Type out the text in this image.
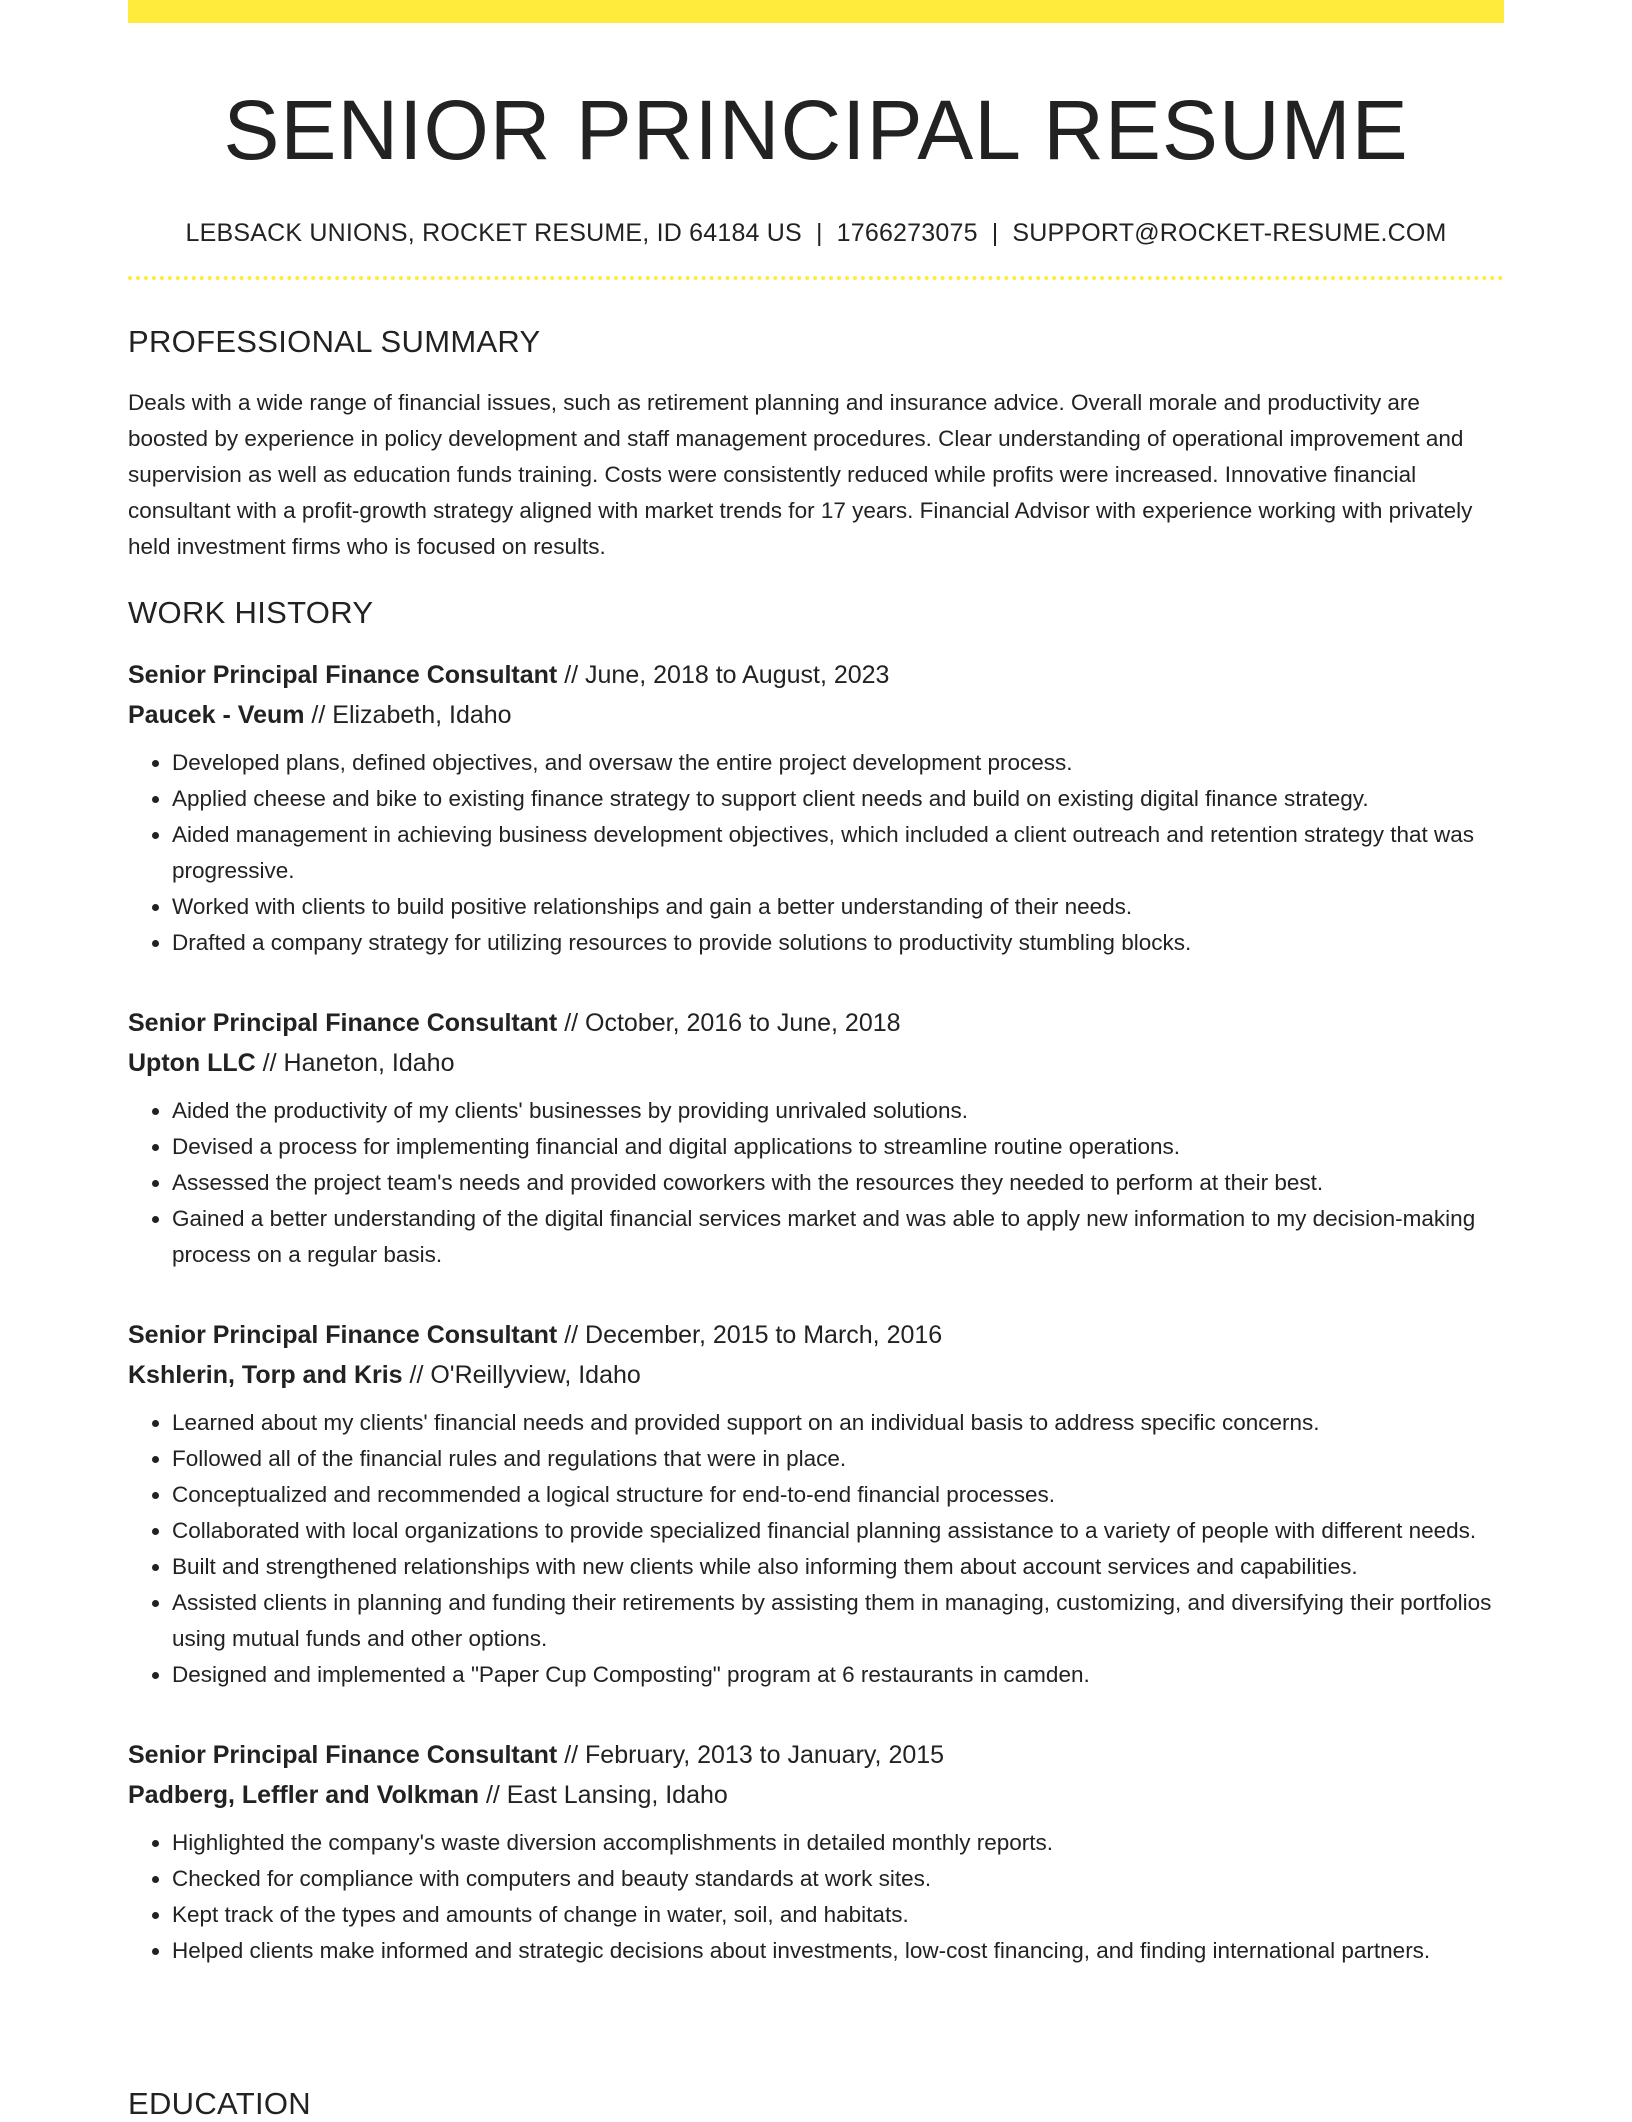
SENIOR PRINCIPAL RESUME
LEBSACK UNIONS, ROCKET RESUME, ID 64184 US | 1766273075 | SUPPORT@ROCKET-RESUME.COM
PROFESSIONAL SUMMARY

Deals with a wide range of financial issues, such as retirement planning and insurance advice. Overall morale and productivity are boosted by experience in policy development and staff management procedures. Clear understanding of operational improvement and supervision as well as education funds training. Costs were consistently reduced while profits were increased. Innovative financial consultant with a profit-growth strategy aligned with market trends for 17 years. Financial Advisor with experience working with privately held investment firms who is focused on results.

WORK HISTORY
Senior Principal Finance Consultant // June, 2018 to August, 2023
Paucek - Veum // Elizabeth, Idaho
• Developed plans, defined objectives, and oversaw the entire project development process.
• Applied cheese and bike to existing finance strategy to support client needs and build on existing digital finance strategy.
• Aided management in achieving business development objectives, which included a client outreach and retention strategy that was progressive.
• Worked with clients to build positive relationships and gain a better understanding of their needs.
• Drafted a company strategy for utilizing resources to provide solutions to productivity stumbling blocks.
Senior Principal Finance Consultant // October, 2016 to June, 2018
Upton LLC // Haneton, Idaho
• Aided the productivity of my clients' businesses by providing unrivaled solutions.
• Devised a process for implementing financial and digital applications to streamline routine operations.
• Assessed the project team's needs and provided coworkers with the resources they needed to perform at their best.
• Gained a better understanding of the digital financial services market and was able to apply new information to my decision-making process on a regular basis.
Senior Principal Finance Consultant // December, 2015 to March, 2016
Kshlerin, Torp and Kris // O'Reillyview, Idaho
• Learned about my clients' financial needs and provided support on an individual basis to address specific concerns.
• Followed all of the financial rules and regulations that were in place.
• Conceptualized and recommended a logical structure for end-to-end financial processes.
• Collaborated with local organizations to provide specialized financial planning assistance to a variety of people with different needs.
• Built and strengthened relationships with new clients while also informing them about account services and capabilities.
• Assisted clients in planning and funding their retirements by assisting them in managing, customizing, and diversifying their portfolios using mutual funds and other options.
• Designed and implemented a "Paper Cup Composting" program at 6 restaurants in camden.
Senior Principal Finance Consultant // February, 2013 to January, 2015
Padberg, Leffler and Volkman // East Lansing, Idaho
• Highlighted the company's waste diversion accomplishments in detailed monthly reports.
• Checked for compliance with computers and beauty standards at work sites.
• Kept track of the types and amounts of change in water, soil, and habitats.
• Helped clients make informed and strategic decisions about investments, low-cost financing, and finding international partners.
EDUCATION
